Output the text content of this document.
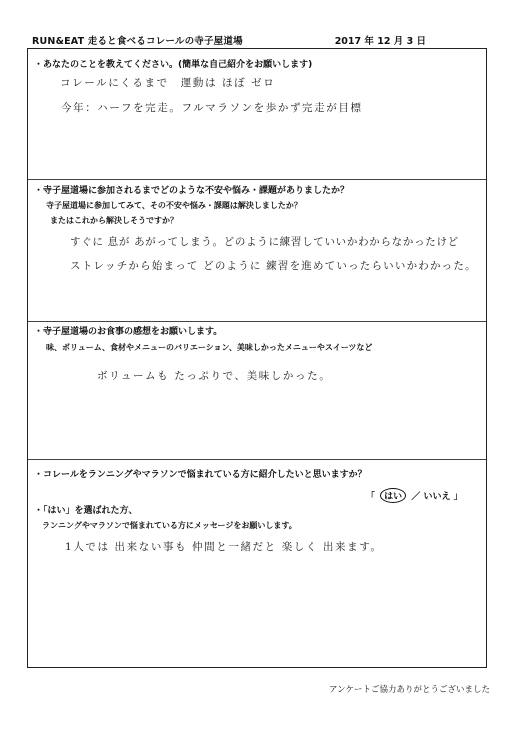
RUN&EAT 走ると食べるコレールの寺子屋道場	2017 年 12 月 3 日
・あなたのことを教えてください。(簡単な自己紹介をお願いします)
コレールにくるまで　運動は ほぼ ゼロ
今年：ハーフを完走。フルマラソンを歩かず完走が目標
・寺子屋道場に参加されるまでどのような不安や悩み・課題がありましたか？
寺子屋道場に参加してみて、その不安や悩み・課題は解決しましたか？
またはこれから解決しそうですか？
すぐに 息が あがってしまう。どのように練習していいかわからなかったけど
ストレッチから始まって どのように 練習を進めていったらいいかわかった。
・寺子屋道場のお食事の感想をお願いします。
味、ボリューム、食材やメニューのバリエーション、美味しかったメニューやスイーツなど
ボリュームも たっぷりで、美味しかった。
・コレールをランニングやマラソンで悩まれている方に紹介したいと思いますか？
・「はい」を選ばれた方、
ランニングやマラソンで悩まれている方にメッセージをお願いします。
1人では 出来ない事も 仲間と一緒だと 楽しく 出来ます。
「 はい ／ いいえ 」
アンケートご協力ありがとうございました
